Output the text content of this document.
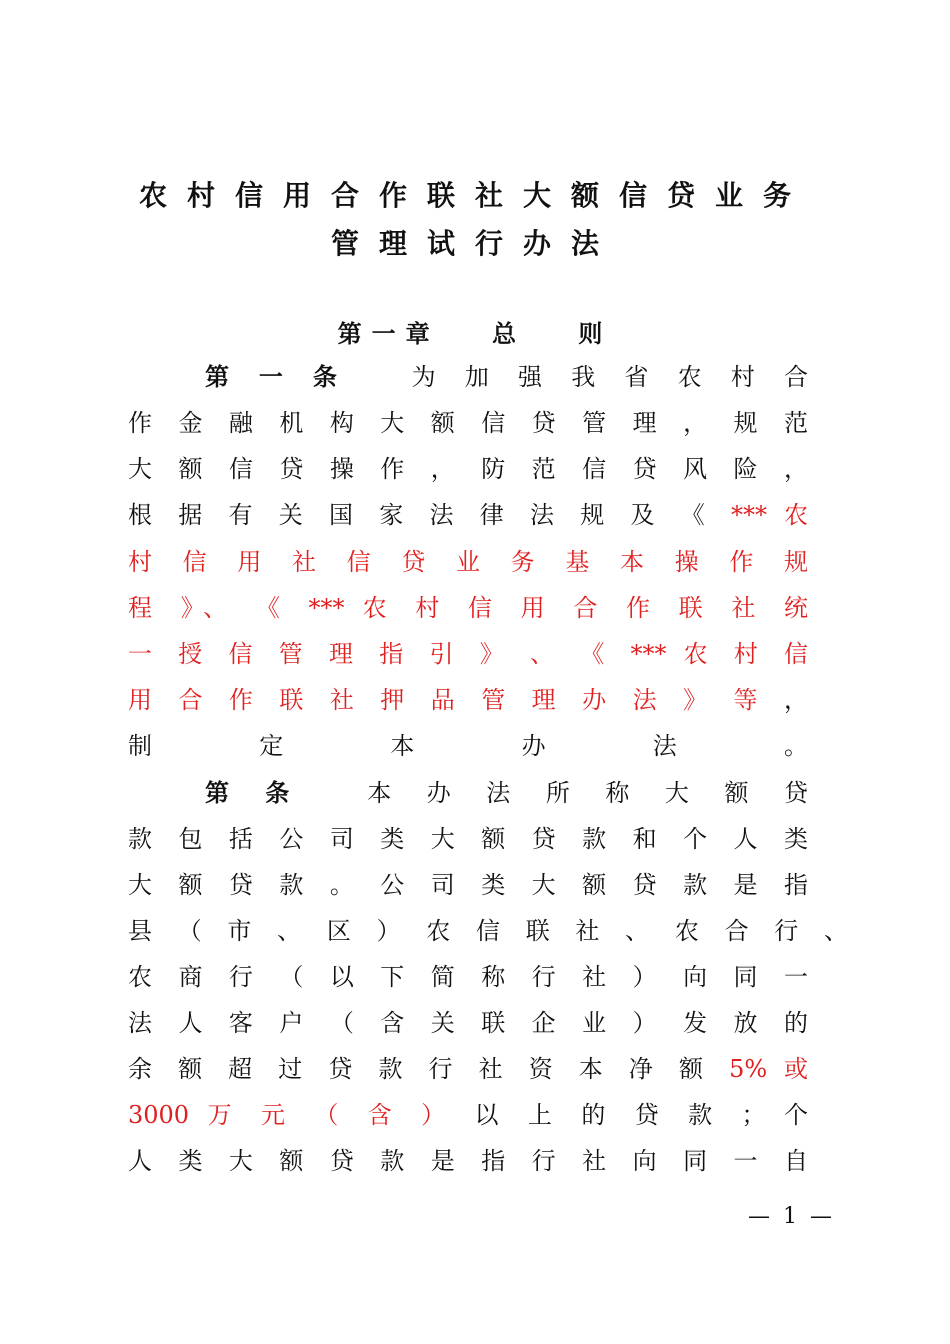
农村信用合作联社大额信贷业务
管理试行办法
第一章 总 则
第 一 条	为 加 强 我 省 农 村 合
作 金 融 机 构 大 额 信 贷 管 理 ， 规 范
大 额 信 贷 操 作 ， 防 范 信 贷 风 险 ，
根 据 有 关 国 家 法 律 法 规 及 《 *** 农
村 信 用 社 信 贷 业 务 基 本 操 作 规
程 》、 《 *** 农 村 信 用 合 作 联 社 统
一 授 信 管 理 指 引 》 、 《 *** 农 村 信
用 合 作 联 社 押 品 管 理 办 法 》 等 ，
制 定 本 办 法 。
第 条	本 办 法 所 称 大 额 贷
款 包 括 公 司 类 大 额 贷 款 和 个 人 类
大 额 贷 款 。 公 司 类 大 额 贷 款 是 指
县 （ 市 、 区 ） 农 信 联 社 、 农 合 行 、
农 商 行 （ 以 下 简 称 行 社 ） 向 同 一
法 人 客 户 （ 含 关 联 企 业 ） 发 放 的
余 额 超 过 贷 款 行 社 资 本 净 额 5% 或
3000 万 元 （ 含 ） 以 上 的 贷 款 ； 个
人 类 大 额 贷 款 是 指 行 社 向 同 一 自
— 1 —
